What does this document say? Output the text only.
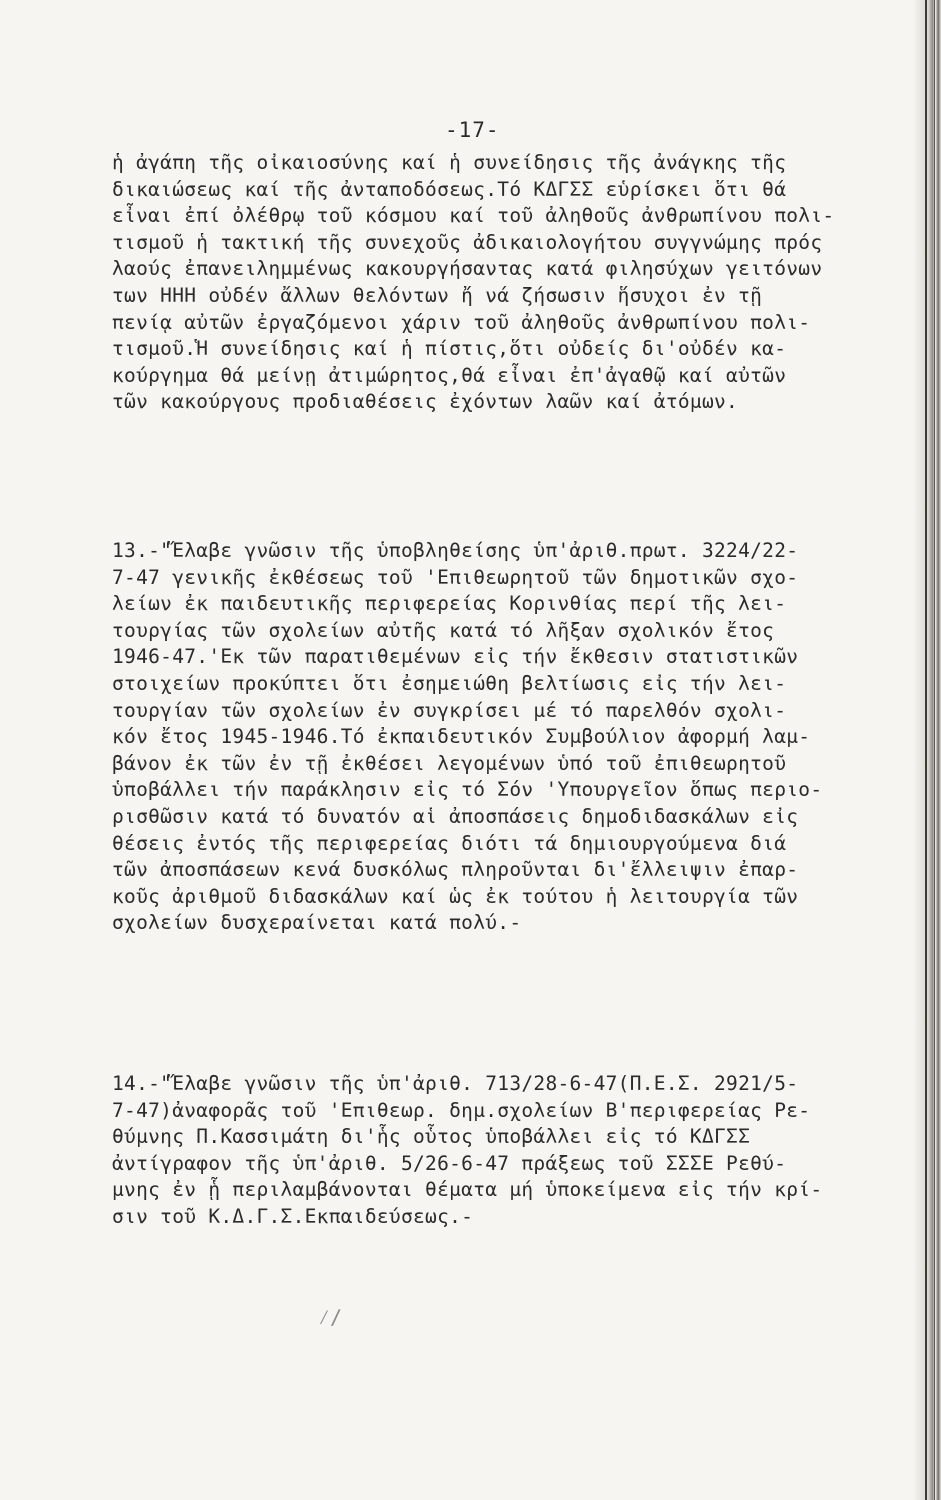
-17-
ἡ ἀγάπη τῆς οἰκαιοσύνης καί ἡ συνείδησις τῆς ἀνάγκης τῆς
δικαιώσεως καί τῆς ἀνταποδόσεως.Τό ΚΔΓΣΣ εὑρίσκει ὅτι θά
εἶναι ἐπί ὀλέθρῳ τοῦ κόσμου καί τοῦ ἀληθοῦς ἀνθρωπίνου πολι-
τισμοῦ ἡ τακτική τῆς συνεχοῦς ἀδικαιολογήτου συγγνώμης πρός
λαούς ἐπανειλημμένως κακουργήσαντας κατά φιλησύχων γειτόνων
των ΗΗΗ οὐδέν ἄλλων θελόντων ἤ νά ζήσωσιν ἥσυχοι ἐν τῇ
πενίᾳ αὐτῶν ἐργαζόμενοι χάριν τοῦ ἀληθοῦς ἀνθρωπίνου πολι-
τισμοῦ.Ἡ συνείδησις καί ἡ πίστις,ὅτι οὐδείς δι'οὐδέν κα-
κούργημα θά μείνῃ ἀτιμώρητος,θά εἶναι ἐπ'ἀγαθῷ καί αὐτῶν
τῶν κακούργους προδιαθέσεις ἐχόντων λαῶν καί ἀτόμων.
13.-"Ἔλαβε γνῶσιν τῆς ὑποβληθείσης ὑπ'ἀριθ.πρωτ. 3224/22-
7-47 γενικῆς ἐκθέσεως τοῦ 'Επιθεωρητοῦ τῶν δημοτικῶν σχο-
λείων ἐκ παιδευτικῆς περιφερείας Κορινθίας περί τῆς λει-
τουργίας τῶν σχολείων αὐτῆς κατά τό λῆξαν σχολικόν ἔτος
1946-47.'Εκ τῶν παρατιθεμένων εἰς τήν ἔκθεσιν στατιστικῶν
στοιχείων προκύπτει ὅτι ἐσημειώθη βελτίωσις εἰς τήν λει-
τουργίαν τῶν σχολείων ἐν συγκρίσει μέ τό παρελθόν σχολι-
κόν ἔτος 1945-1946.Τό ἐκπαιδευτικόν Συμβούλιον ἀφορμή λαμ-
βάνον ἐκ τῶν ἐν τῇ ἐκθέσει λεγομένων ὑπό τοῦ ἐπιθεωρητοῦ
ὑποβάλλει τήν παράκλησιν εἰς τό Σόν 'Υπουργεῖον ὅπως περιο-
ρισθῶσιν κατά τό δυνατόν αἱ ἀποσπάσεις δημοδιδασκάλων εἰς
θέσεις ἐντός τῆς περιφερείας διότι τά δημιουργούμενα διά
τῶν ἀποσπάσεων κενά δυσκόλως πληροῦνται δι'ἔλλειψιν ἐπαρ-
κοῦς ἀριθμοῦ διδασκάλων καί ὡς ἐκ τούτου ἡ λειτουργία τῶν
σχολείων δυσχεραίνεται κατά πολύ.-
14.-"Ἔλαβε γνῶσιν τῆς ὑπ'ἀριθ. 713/28-6-47(Π.Ε.Σ. 2921/5-
7-47)ἀναφορᾶς τοῦ 'Επιθεωρ. δημ.σχολείων Β'περιφερείας Ρε-
θύμνης Π.Κασσιμάτη δι'ἧς οὗτος ὑποβάλλει εἰς τό ΚΔΓΣΣ
ἀντίγραφον τῆς ὑπ'ἀριθ. 5/26-6-47 πράξεως τοῦ ΣΣΣΕ Ρεθύ-
μνης ἐν ᾗ περιλαμβάνονται θέματα μή ὑποκείμενα εἰς τήν κρί-
σιν τοῦ Κ.Δ.Γ.Σ.Εκπαιδεύσεως.-
⁄∕
